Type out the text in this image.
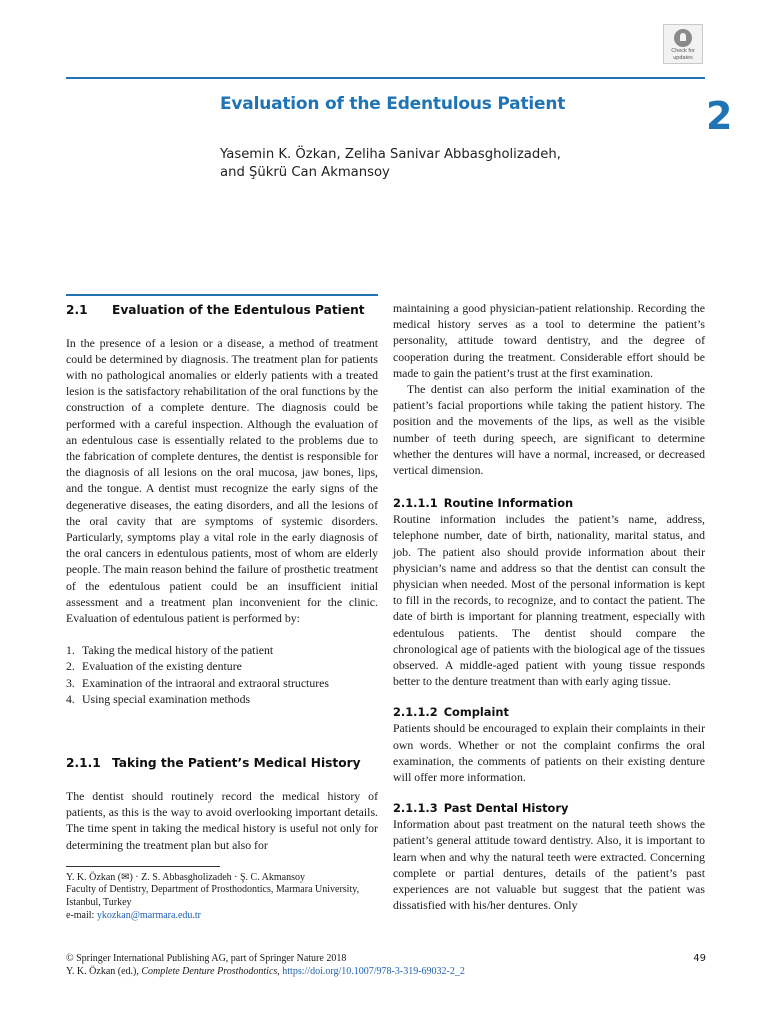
Check for
updates
Evaluation of the Edentulous Patient	2
Yasemin K. Özkan, Zeliha Sanivar Abbasgholizadeh,
and Şükrü Can Akmansoy
2.1 Evaluation of the Edentulous Patient

In the presence of a lesion or a disease, a method of treatment could be determined by diagnosis. The treatment plan for patients with no pathological anomalies or elderly patients with a treated lesion is the satisfactory rehabilitation of the oral functions by the construction of a complete denture. The diagnosis could be performed with a careful inspection. Although the evaluation of an edentulous case is essentially related to the problems due to the fabrication of complete dentures, the dentist is responsible for the diagnosis of all lesions on the oral mucosa, jaw bones, lips, and the tongue. A dentist must recognize the early signs of the degenerative diseases, the eating disorders, and all the lesions of the oral cavity that are symptoms of systemic disorders. Particularly, symptoms play a vital role in the early diagnosis of the oral cancers in edentulous patients, most of whom are elderly people. The main reason behind the failure of prosthetic treatment of the edentulous patient could be an insufficient initial assessment and a treatment plan inconvenient for the clinic. Evaluation of edentulous patient is performed by:

1. Taking the medical history of the patient
2. Evaluation of the existing denture
3. Examination of the intraoral and extraoral structures
4. Using special examination methods
2.1.1 Taking the Patient’s Medical History

The dentist should routinely record the medical history of patients, as this is the way to avoid overlooking important details. The time spent in taking the medical history is useful not only for determining the treatment plan but also for

Y. K. Özkan (✉) · Z. S. Abbasgholizadeh · Ş. C. Akmansoy
Faculty of Dentistry, Department of Prosthodontics, Marmara University, Istanbul, Turkey
e-mail: ykozkan@marmara.edu.tr

maintaining a good physician-patient relationship. Recording the medical history serves as a tool to determine the patient’s personality, attitude toward dentistry, and the degree of cooperation during the treatment. Considerable effort should be made to gain the patient’s trust at the first examination.

The dentist can also perform the initial examination of the patient’s facial proportions while taking the patient history. The position and the movements of the lips, as well as the visible number of teeth during speech, are significant to determine whether the dentures will have a normal, increased, or decreased vertical dimension.

2.1.1.1 Routine Information

Routine information includes the patient’s name, address, telephone number, date of birth, nationality, marital status, and job. The patient also should provide information about their physician’s name and address so that the dentist can consult the physician when needed. Most of the personal information is kept to fill in the records, to recognize, and to contact the patient. The date of birth is important for planning treatment, especially with edentulous patients. The dentist should compare the chronological age of patients with the biological age of the tissues observed. A middle-aged patient with young tissue responds better to the denture treatment than with early aging tissue.

2.1.1.2 Complaint

Patients should be encouraged to explain their complaints in their own words. Whether or not the complaint confirms the oral examination, the comments of patients on their existing denture will offer more information.

2.1.1.3 Past Dental History

Information about past treatment on the natural teeth shows the patient’s general attitude toward dentistry. Also, it is important to learn when and why the natural teeth were extracted. Concerning complete or partial dentures, details of the patient’s past experiences are not valuable but suggest that the patient was dissatisfied with his/her dentures. Only

© Springer International Publishing AG, part of Springer Nature 2018
Y. K. Özkan (ed.), Complete Denture Prosthodontics, https://doi.org/10.1007/978-3-319-69032-2_2
49
